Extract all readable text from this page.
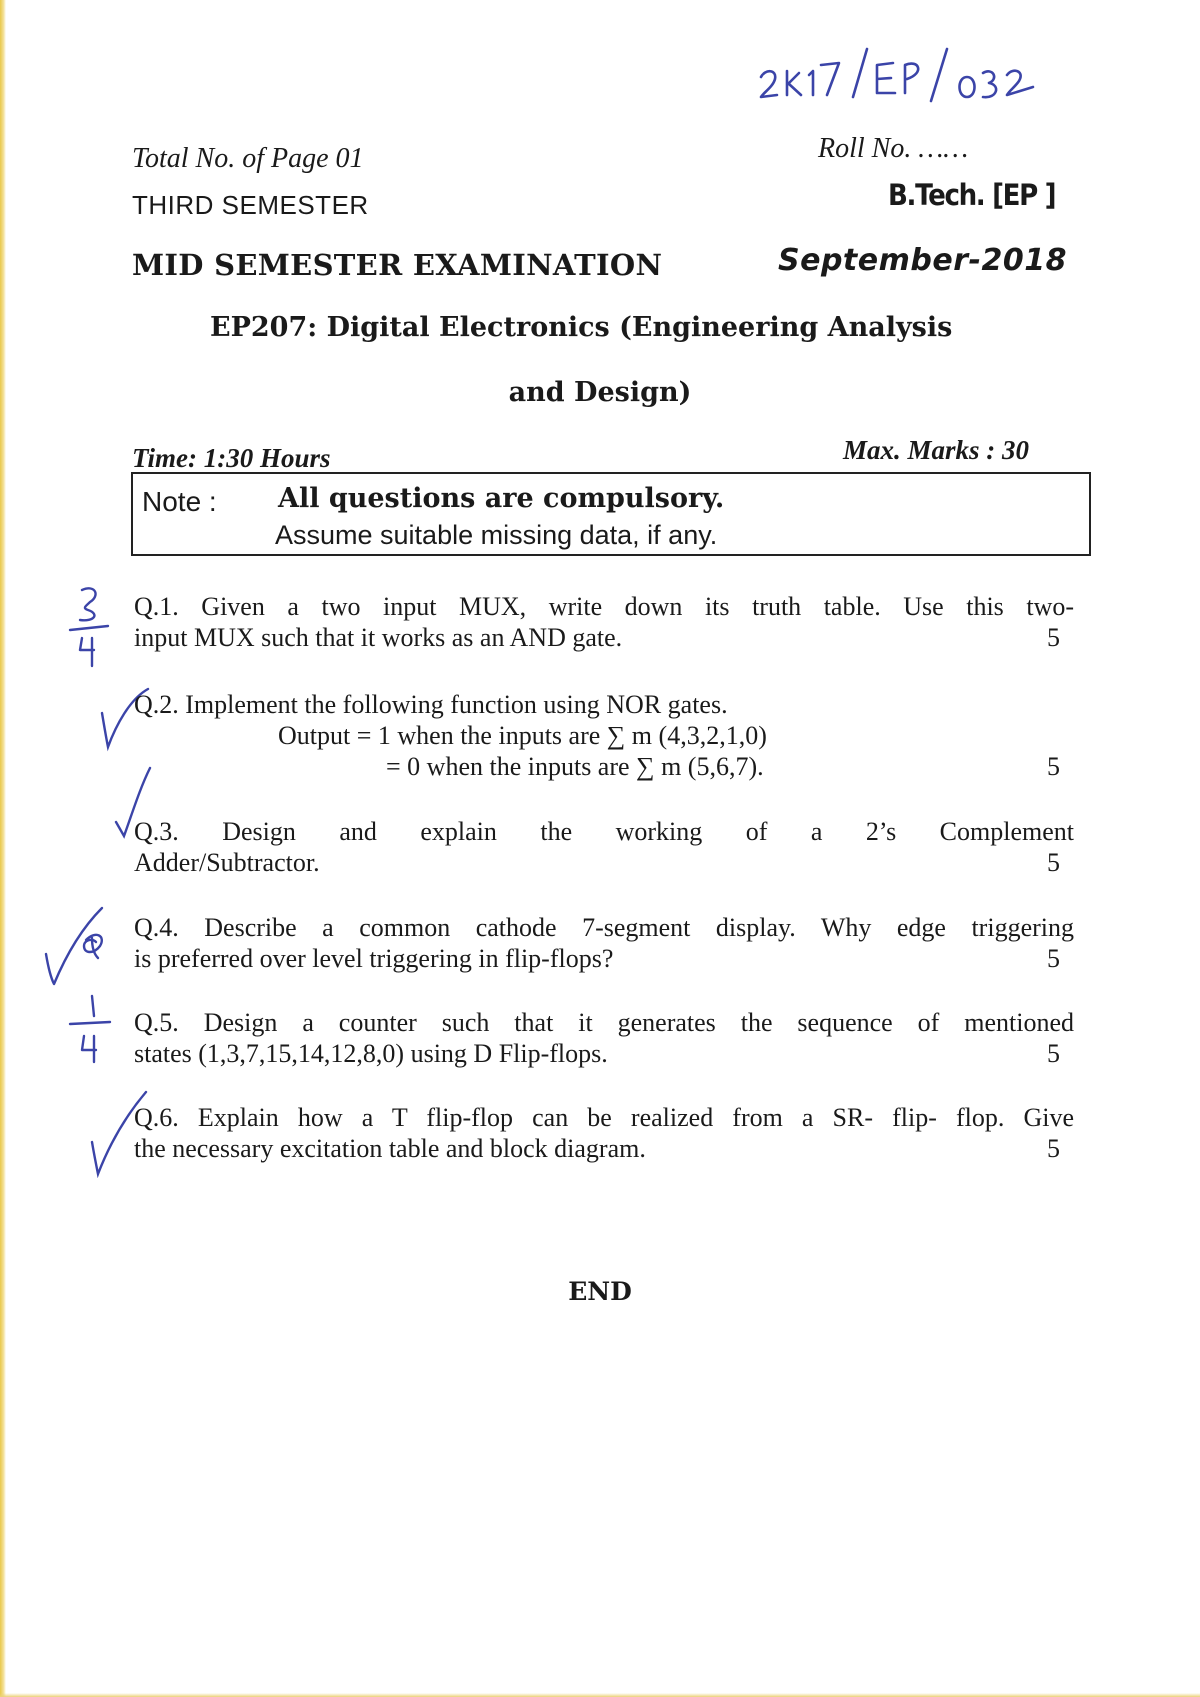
Total No. of Page 01	Roll No. ……
THIRD SEMESTER	B.Tech. [EP ]
MID SEMESTER EXAMINATION	September-2018
EP207: Digital Electronics (Engineering Analysis
and Design)
Time: 1:30 Hours	Max. Marks : 30
Note : All questions are compulsory.
Assume suitable missing data, if any.

Q.1. Given a two input MUX, write down its truth table. Use this two-

input MUX such that it works as an AND gate.	5

Q.2. Implement the following function using NOR gates.

Output = 1 when the inputs are ∑ m (4,3,2,1,0)

= 0 when the inputs are ∑ m (5,6,7).	5

Q.3. Design and explain the working of a 2’s Complement

Adder/Subtractor.	5

Q.4. Describe a common cathode 7-segment display. Why edge triggering

is preferred over level triggering in flip-flops?	5

Q.5. Design a counter such that it generates the sequence of mentioned

states (1,3,7,15,14,12,8,0) using D Flip-flops.	5

Q.6. Explain how a T flip-flop can be realized from a SR- flip- flop. Give

the necessary excitation table and block diagram.	5
END
